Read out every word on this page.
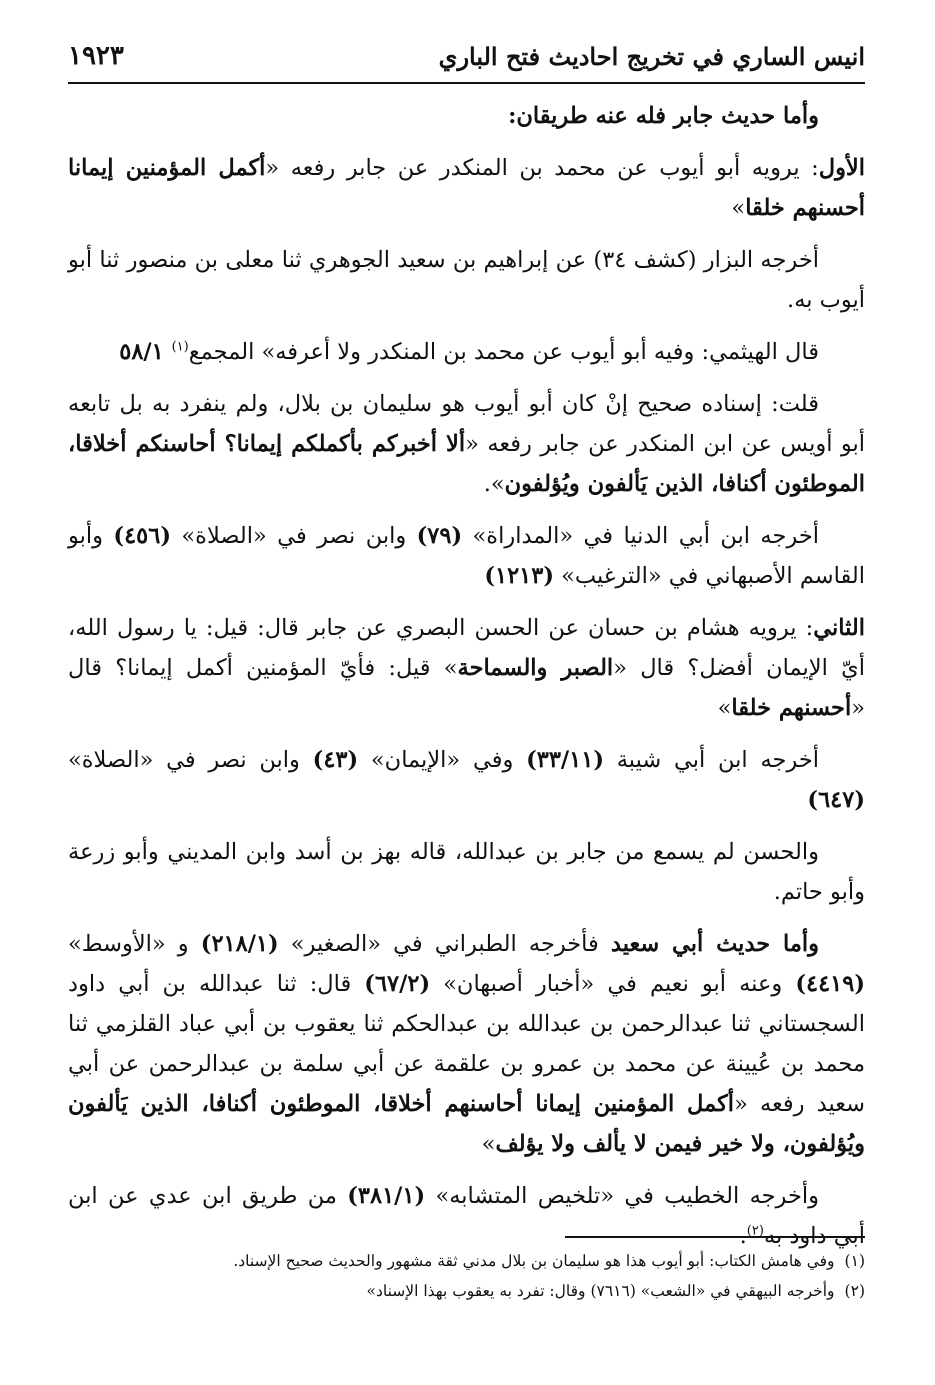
١٩٢٣	انيس الساري في تخريج احاديث فتح الباري

وأما حديث جابر فله عنه طريقان:

الأول: يرويه أبو أيوب عن محمد بن المنكدر عن جابر رفعه «أكمل المؤمنين إيمانا أحسنهم خلقا»

أخرجه البزار (كشف ٣٤) عن إبراهيم بن سعيد الجوهري ثنا معلى بن منصور ثنا أبو أيوب به.

قال الهيثمي: وفيه أبو أيوب عن محمد بن المنكدر ولا أعرفه» المجمع$^{(١)}$ ٥٨/١

قلت: إسناده صحيح إنْ كان أبو أيوب هو سليمان بن بلال، ولم ينفرد به بل تابعه أبو أويس عن ابن المنكدر عن جابر رفعه «ألا أخبركم بأكملكم إيمانا؟ أحاسنكم أخلاقا، الموطئون أكنافا، الذين يَألفون ويُؤلفون».

أخرجه ابن أبي الدنيا في «المداراة» (٧٩) وابن نصر في «الصلاة» (٤٥٦) وأبو القاسم الأصبهاني في «الترغيب» (١٢١٣)

الثاني: يرويه هشام بن حسان عن الحسن البصري عن جابر قال: قيل: يا رسول الله، أيّ الإيمان أفضل؟ قال «الصبر والسماحة» قيل: فأيّ المؤمنين أكمل إيمانا؟ قال «أحسنهم خلقا»

أخرجه ابن أبي شيبة (٣٣/١١) وفي «الإيمان» (٤٣) وابن نصر في «الصلاة» (٦٤٧)

والحسن لم يسمع من جابر بن عبدالله، قاله بهز بن أسد وابن المديني وأبو زرعة وأبو حاتم.

وأما حديث أبي سعيد فأخرجه الطبراني في «الصغير» (٢١٨/١) و «الأوسط» (٤٤١٩) وعنه أبو نعيم في «أخبار أصبهان» (٦٧/٢) قال: ثنا عبدالله بن أبي داود السجستاني ثنا عبدالرحمن بن عبدالله بن عبدالحكم ثنا يعقوب بن أبي عباد القلزمي ثنا محمد بن عُيينة عن محمد بن عمرو بن علقمة عن أبي سلمة بن عبدالرحمن عن أبي سعيد رفعه «أكمل المؤمنين إيمانا أحاسنهم أخلاقا، الموطئون أكنافا، الذين يَألفون ويُؤلفون، ولا خير فيمن لا يألف ولا يؤلف»

وأخرجه الخطيب في «تلخيص المتشابه» (٣٨١/١) من طريق ابن عدي عن ابن أبي داود به$^{(٢)}$.

(١)
وفي هامش الكتاب: أبو أيوب هذا هو سليمان بن بلال مدني ثقة مشهور والحديث صحيح الإسناد.
(٢)
وأخرجه البيهقي في «الشعب» (٧٦١٦) وقال: تفرد به يعقوب بهذا الإسناد»
